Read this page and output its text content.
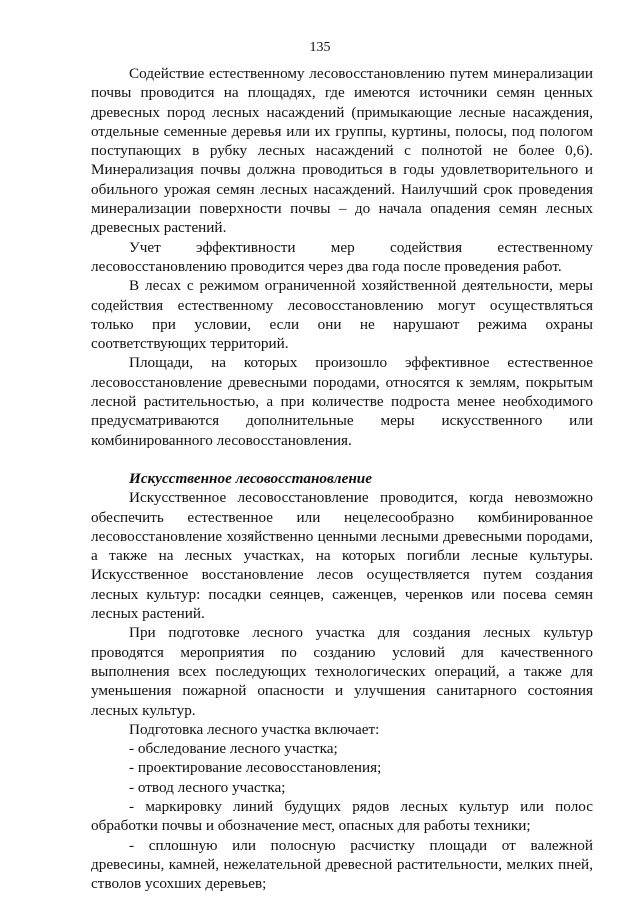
135

Содействие естественному лесовосстановлению путем минерализации почвы проводится на площадях, где имеются источники семян ценных древесных пород лесных насаждений (примыкающие лесные насаждения, отдельные семенные деревья или их группы, куртины, полосы, под пологом поступающих в рубку лесных насаждений с полнотой не более 0,6). Минерализация почвы должна проводиться в годы удовлетворительного и обильного урожая семян лесных насаждений. Наилучший срок проведения минерализации поверхности почвы – до начала опадения семян лесных древесных растений.

Учет эффективности мер содействия естественному лесовосстановлению проводится через два года после проведения работ.

В лесах с режимом ограниченной хозяйственной деятельности, меры содействия естественному лесовосстановлению могут осуществляться только при условии, если они не нарушают режима охраны соответствующих территорий.

Площади, на которых произошло эффективное естественное лесовосстановление древесными породами, относятся к землям, покрытым лесной растительностью, а при количестве подроста менее необходимого предусматриваются дополнительные меры искусственного или комбинированного лесовосстановления.

Искусственное лесовосстановление

Искусственное лесовосстановление проводится, когда невозможно обеспечить естественное или нецелесообразно комбинированное лесовосстановление хозяйственно ценными лесными древесными породами, а также на лесных участках, на которых погибли лесные культуры. Искусственное восстановление лесов осуществляется путем создания лесных культур: посадки сеянцев, саженцев, черенков или посева семян лесных растений.

При подготовке лесного участка для создания лесных культур проводятся мероприятия по созданию условий для качественного выполнения всех последующих технологических операций, а также для уменьшения пожарной опасности и улучшения санитарного состояния лесных культур.

Подготовка лесного участка включает:

- обследование лесного участка;

- проектирование лесовосстановления;

- отвод лесного участка;

- маркировку линий будущих рядов лесных культур или полос обработки почвы и обозначение мест, опасных для работы техники;

- сплошную или полосную расчистку площади от валежной древесины, камней, нежелательной древесной растительности, мелких пней, стволов усохших деревьев;
